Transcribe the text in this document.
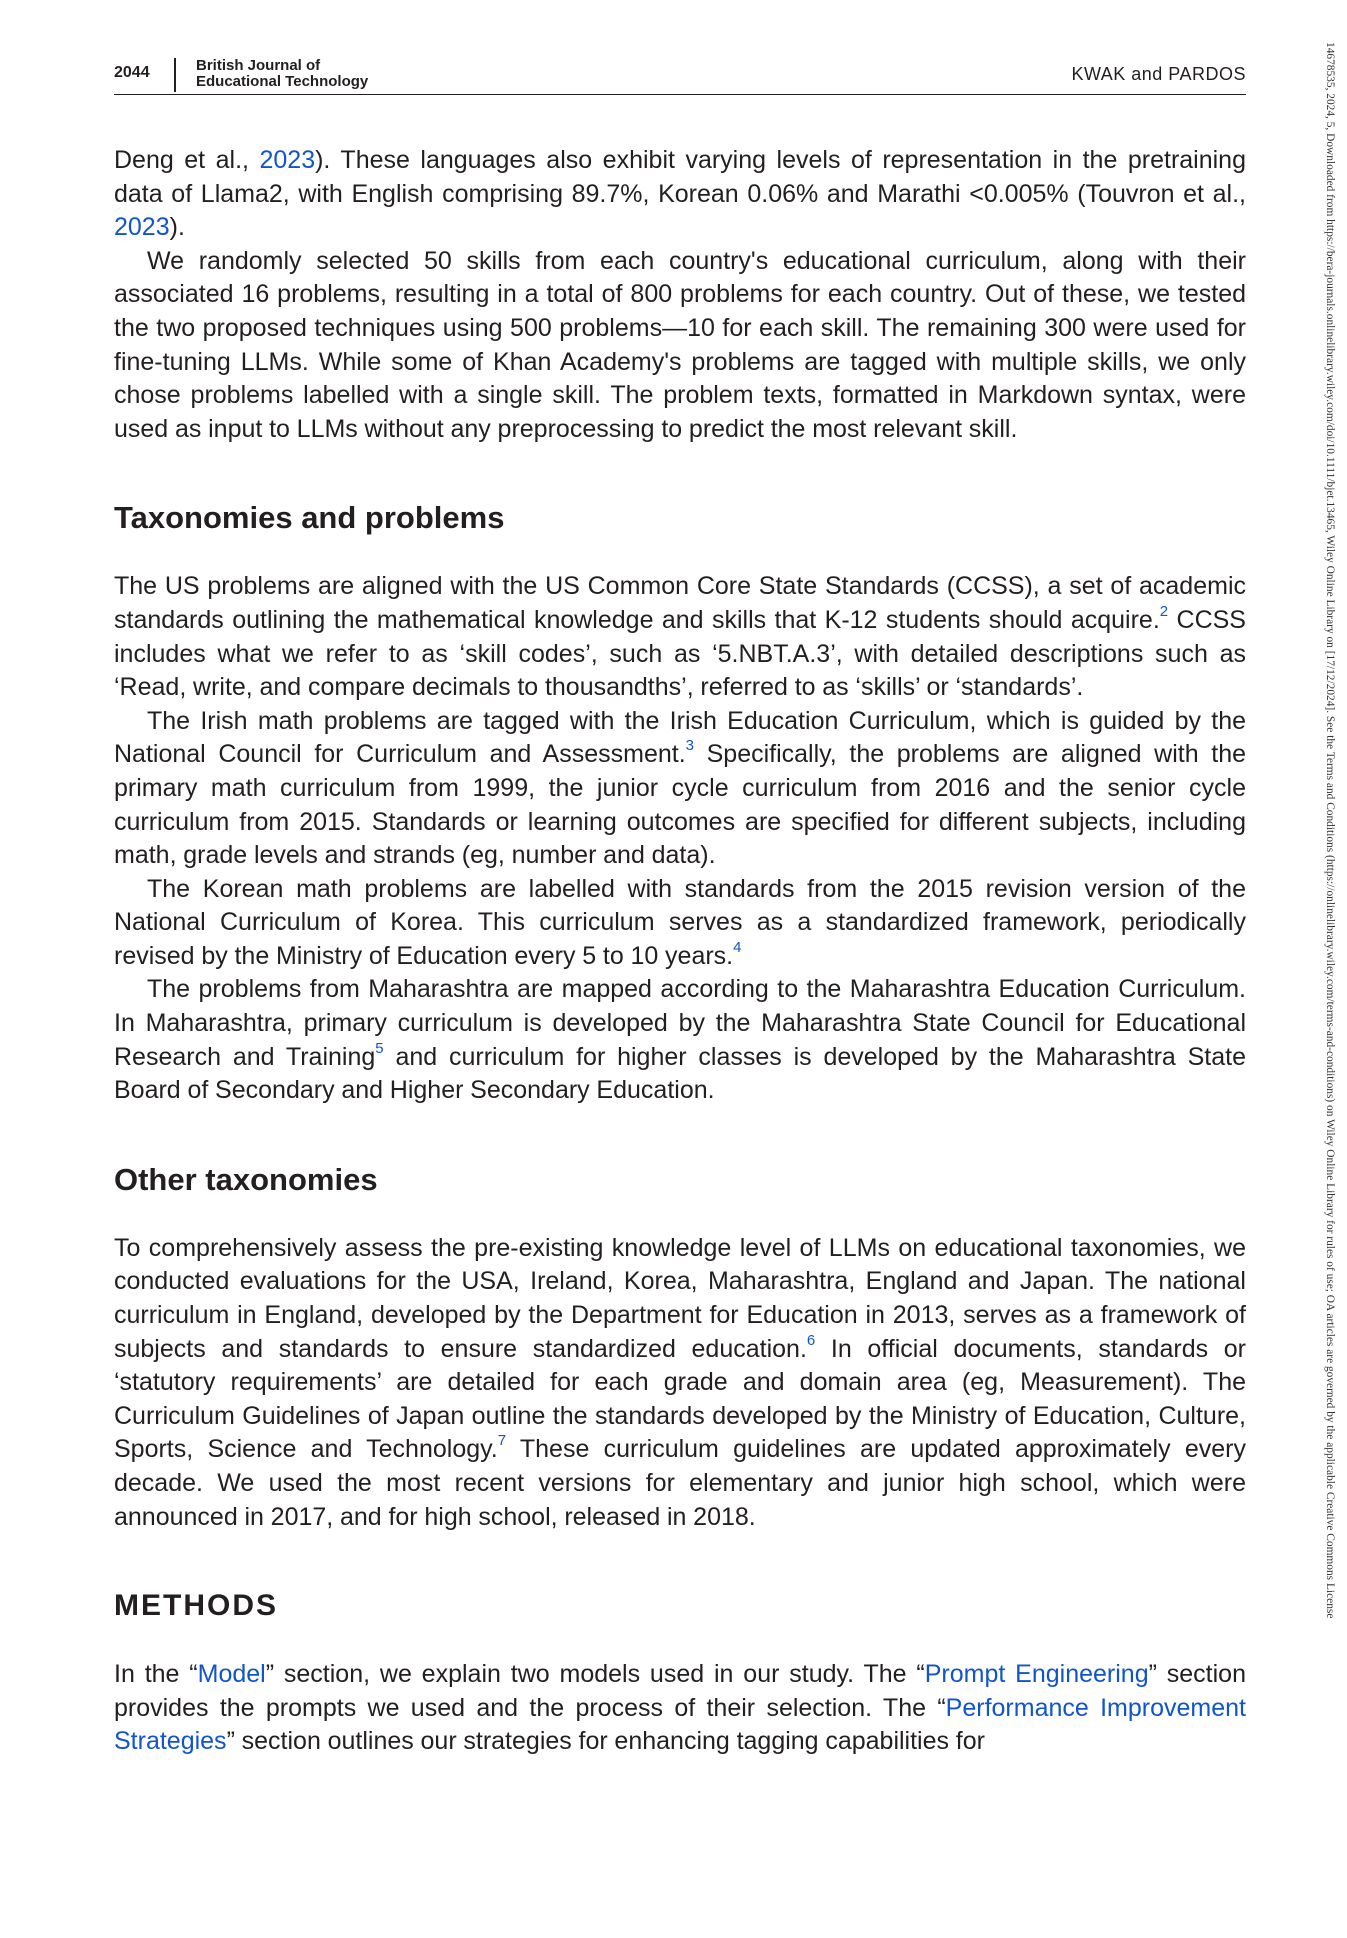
2044	British Journal of
Educational Technology	KWAK and PARDOS	14678535, 2024, 5, Downloaded from https://bera-journals.onlinelibrary.wiley.com/doi/10.1111/bjet.13465, Wiley Online Library on [17/12/2024]. See the Terms and Conditions (https://onlinelibrary.wiley.com/terms-and-conditions) on Wiley Online Library for rules of use; OA articles are governed by the applicable Creative Commons License

Deng et al., 2023). These languages also exhibit varying levels of representation in the pretraining data of Llama2, with English comprising 89.7%, Korean 0.06% and Marathi <0.005% (Touvron et al., 2023).

We randomly selected 50 skills from each country's educational curriculum, along with their associated 16 problems, resulting in a total of 800 problems for each country. Out of these, we tested the two proposed techniques using 500 problems—10 for each skill. The remaining 300 were used for fine-tuning LLMs. While some of Khan Academy's problems are tagged with multiple skills, we only chose problems labelled with a single skill. The problem texts, formatted in Markdown syntax, were used as input to LLMs without any preprocessing to predict the most relevant skill.

Taxonomies and problems

The US problems are aligned with the US Common Core State Standards (CCSS), a set of academic standards outlining the mathematical knowledge and skills that K-12 students should acquire.$^2$ CCSS includes what we refer to as ‘skill codes’, such as ‘5.NBT.A.3’, with detailed descriptions such as ‘Read, write, and compare decimals to thousandths’, referred to as ‘skills’ or ‘standards’.

The Irish math problems are tagged with the Irish Education Curriculum, which is guided by the National Council for Curriculum and Assessment.$^3$ Specifically, the problems are aligned with the primary math curriculum from 1999, the junior cycle curriculum from 2016 and the senior cycle curriculum from 2015. Standards or learning outcomes are specified for different subjects, including math, grade levels and strands (eg, number and data).

The Korean math problems are labelled with standards from the 2015 revision version of the National Curriculum of Korea. This curriculum serves as a standardized framework, periodically revised by the Ministry of Education every 5 to 10 years.$^4$

The problems from Maharashtra are mapped according to the Maharashtra Education Curriculum. In Maharashtra, primary curriculum is developed by the Maharashtra State Council for Educational Research and Training$^5$ and curriculum for higher classes is developed by the Maharashtra State Board of Secondary and Higher Secondary Education.

Other taxonomies

To comprehensively assess the pre-existing knowledge level of LLMs on educational taxonomies, we conducted evaluations for the USA, Ireland, Korea, Maharashtra, England and Japan. The national curriculum in England, developed by the Department for Education in 2013, serves as a framework of subjects and standards to ensure standardized education.$^6$ In official documents, standards or ‘statutory requirements’ are detailed for each grade and domain area (eg, Measurement). The Curriculum Guidelines of Japan outline the standards developed by the Ministry of Education, Culture, Sports, Science and Technology.$^7$ These curriculum guidelines are updated approximately every decade. We used the most recent versions for elementary and junior high school, which were announced in 2017, and for high school, released in 2018.

METHODS

In the “Model” section, we explain two models used in our study. The “Prompt Engineering” section provides the prompts we used and the process of their selection. The “Performance Improvement Strategies” section outlines our strategies for enhancing tagging capabilities for
